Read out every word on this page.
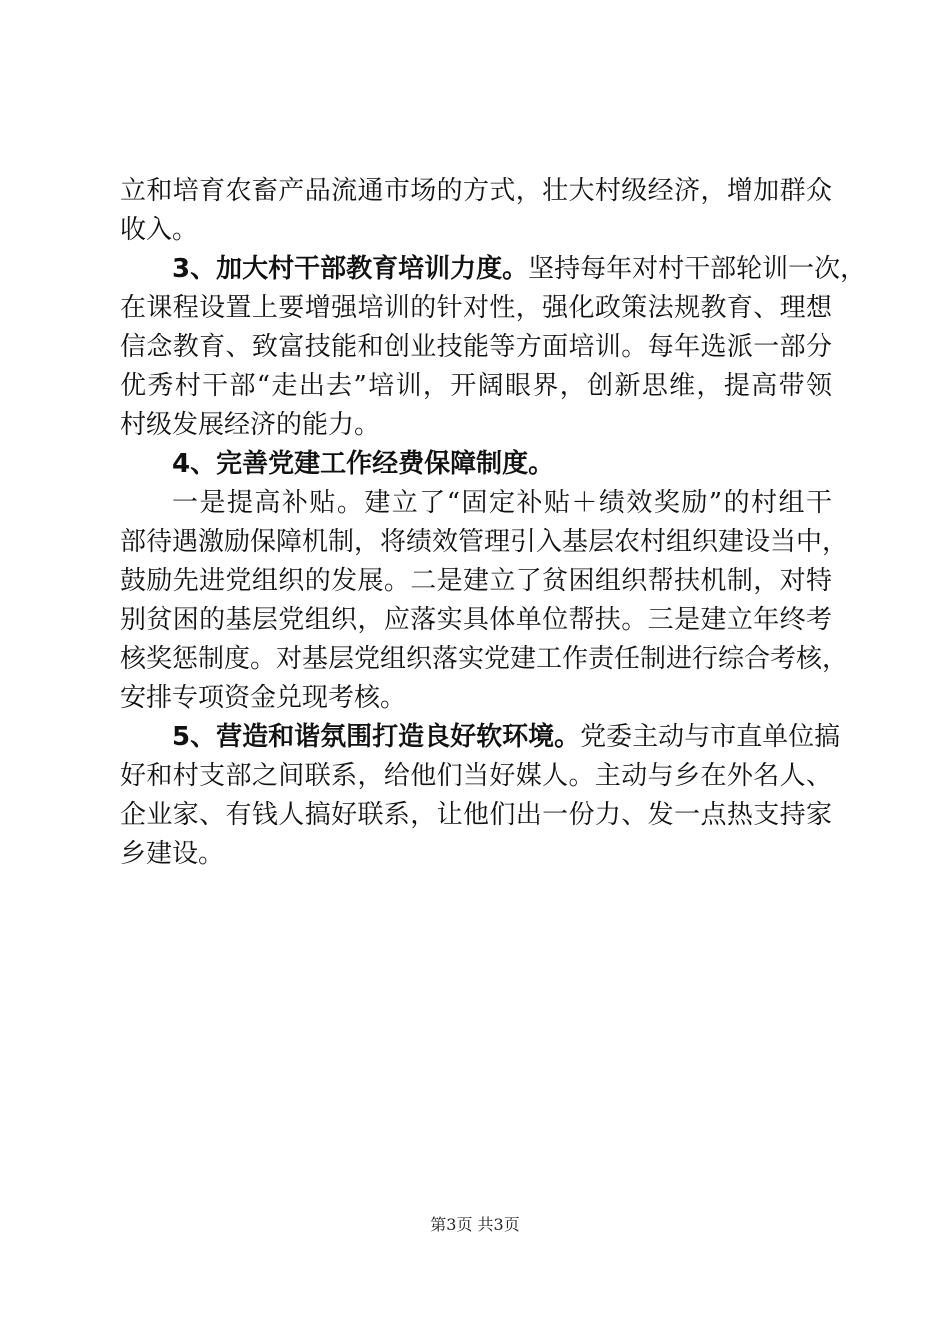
立和培育农畜产品流通市场的方式，壮大村级经济，增加群众
收入。
3、加大村干部教育培训力度。坚持每年对村干部轮训一次，
在课程设置上要增强培训的针对性，强化政策法规教育、理想
信念教育、致富技能和创业技能等方面培训。每年选派一部分
优秀村干部“走出去”培训，开阔眼界，创新思维，提高带领
村级发展经济的能力。
4、完善党建工作经费保障制度。
一是提高补贴。建立了“固定补贴＋绩效奖励”的村组干
部待遇激励保障机制，将绩效管理引入基层农村组织建设当中，
鼓励先进党组织的发展。二是建立了贫困组织帮扶机制，对特
别贫困的基层党组织，应落实具体单位帮扶。三是建立年终考
核奖惩制度。对基层党组织落实党建工作责任制进行综合考核，
安排专项资金兑现考核。
5、营造和谐氛围打造良好软环境。党委主动与市直单位搞
好和村支部之间联系，给他们当好媒人。主动与乡在外名人、
企业家、有钱人搞好联系，让他们出一份力、发一点热支持家
乡建设。
第3页 共3页
